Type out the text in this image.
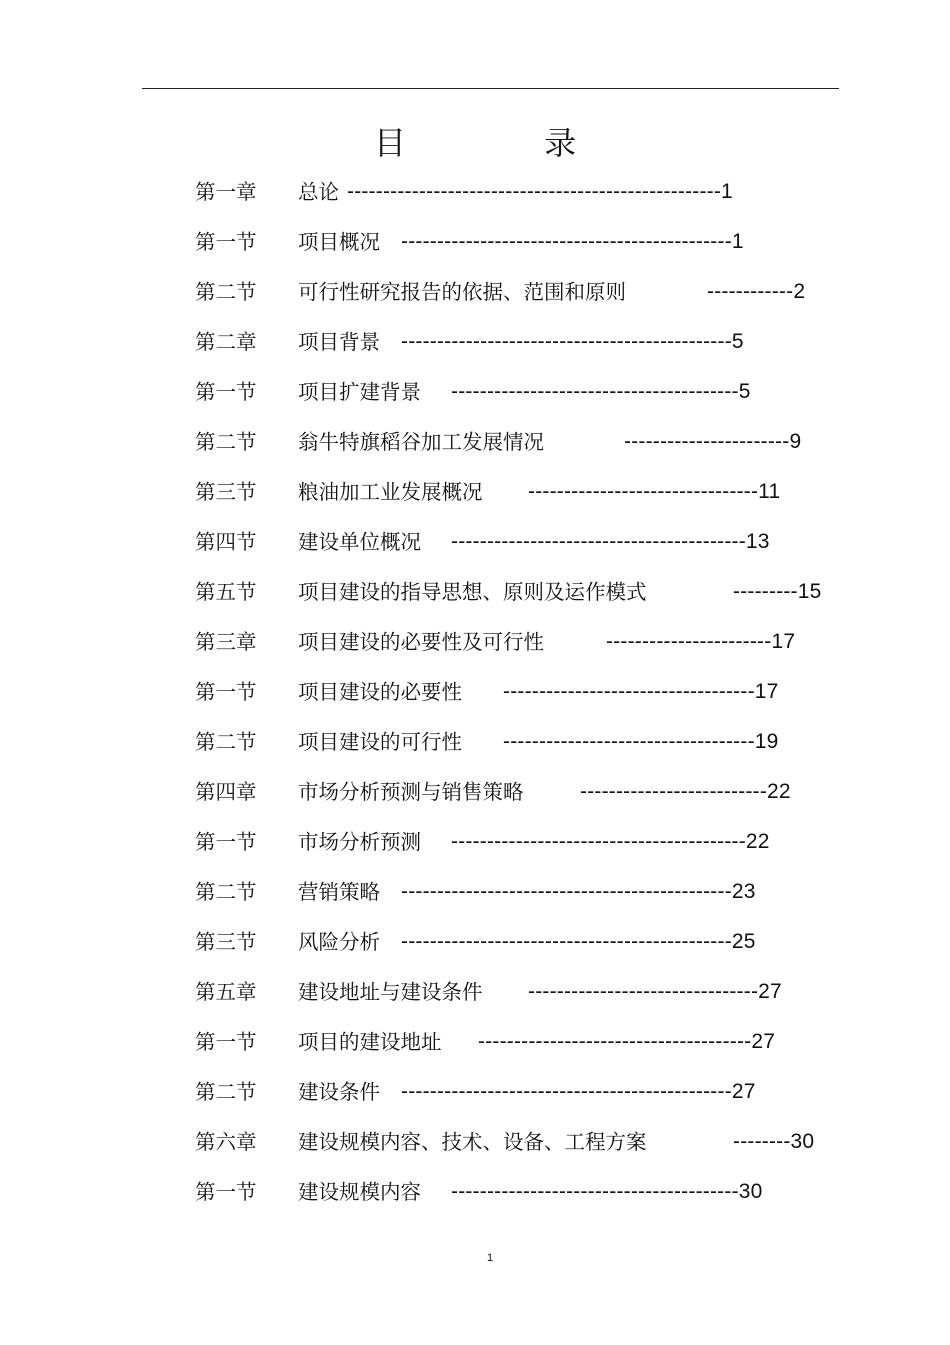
目 录
第一章 总论 ----------------------------------------------------1
第一节 项目概况 ----------------------------------------------1
第二节 可行性研究报告的依据、范围和原则	------------2
第二章 项目背景 ----------------------------------------------5
第一节 项目扩建背景 ----------------------------------------5
第二节 翁牛特旗稻谷加工发展情况	-----------------------9
第三节 粮油加工业发展概况 --------------------------------11
第四节 建设单位概况 -----------------------------------------13
第五节 项目建设的指导思想、原则及运作模式	---------15
第三章 项目建设的必要性及可行性	-----------------------17
第一节 项目建设的必要性 -----------------------------------17
第二节 项目建设的可行性 -----------------------------------19
第四章 市场分析预测与销售策略	--------------------------22
第一节 市场分析预测 -----------------------------------------22
第二节 营销策略 ----------------------------------------------23
第三节 风险分析 ----------------------------------------------25
第五章 建设地址与建设条件 --------------------------------27
第一节 项目的建设地址 --------------------------------------27
第二节 建设条件 ----------------------------------------------27
第六章 建设规模内容、技术、设备、工程方案	--------30
第一节 建设规模内容 ----------------------------------------30
1
